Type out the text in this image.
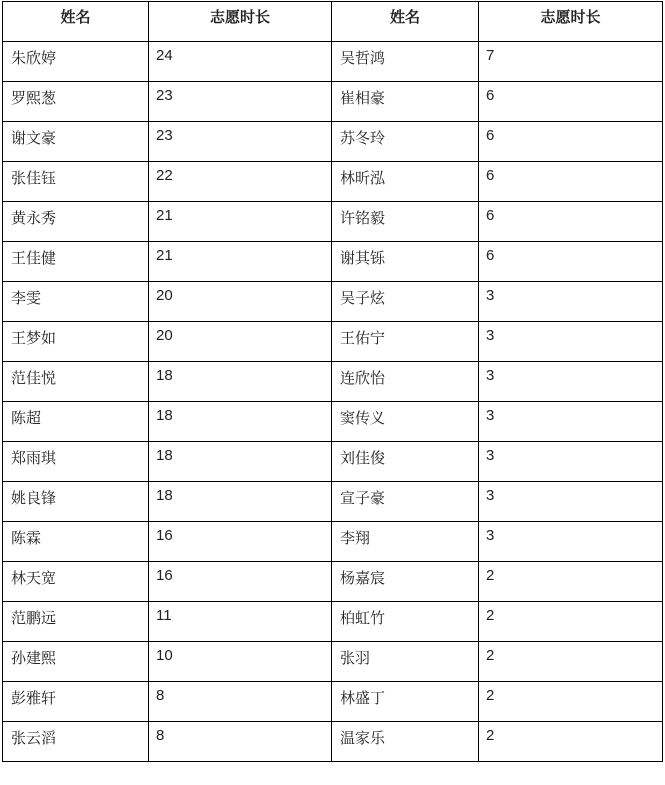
姓名	志愿时长	姓名	志愿时长
朱欣婷	24	吴哲鸿	7
罗熙葱	23	崔相豪	6
谢文豪	23	苏冬玲	6
张佳钰	22	林昕泓	6
黄永秀	21	许铭毅	6
王佳健	21	谢其铄	6
李雯	20	吴子炫	3
王梦如	20	王佑宁	3
范佳悦	18	连欣怡	3
陈超	18	窦传义	3
郑雨琪	18	刘佳俊	3
姚良锋	18	宣子豪	3
陈霖	16	李翔	3
林天宽	16	杨嘉宸	2
范鹏远	11	柏虹竹	2
孙建熙	10	张羽	2
彭雅轩	8	林盛丁	2
张云滔	8	温家乐	2
